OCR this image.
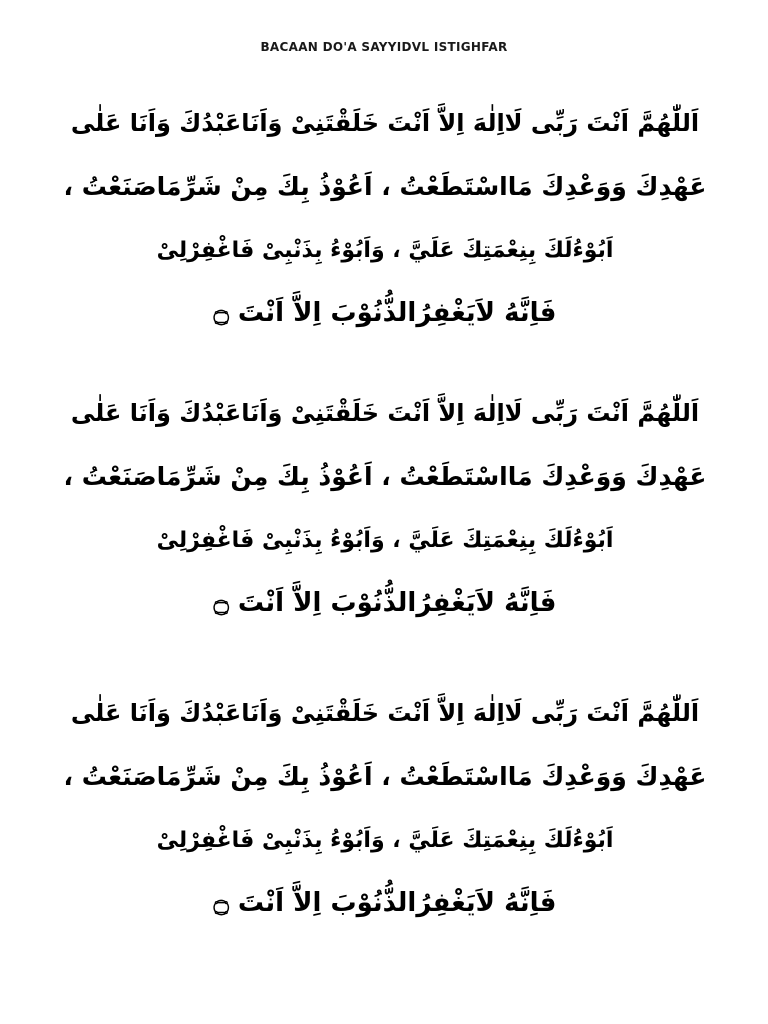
BACAAN DO'A SAYYIDVL ISTIGHFAR
اَللّٰهُمَّ اَنْتَ رَبِّى لَااِلٰهَ اِلاَّ اَنْتَ خَلَقْتَنِىْ وَاَنَاعَبْدُكَ وَاَنَا عَلٰى
عَهْدِكَ وَوَعْدِكَ مَااسْتَطَعْتُ ، اَعُوْذُ بِكَ مِنْ شَرِّمَاصَنَعْتُ ،
اَبُوْءُلَكَ بِنِعْمَتِكَ عَلَيَّ ، وَاَبُوْءُ بِذَنْبِىْ فَاغْفِرْلِىْ
فَاِنَّهُ لاَيَغْفِرُالذُّنُوْبَ اِلاَّ اَنْتَ ۝
اَللّٰهُمَّ اَنْتَ رَبِّى لَااِلٰهَ اِلاَّ اَنْتَ خَلَقْتَنِىْ وَاَنَاعَبْدُكَ وَاَنَا عَلٰى
عَهْدِكَ وَوَعْدِكَ مَااسْتَطَعْتُ ، اَعُوْذُ بِكَ مِنْ شَرِّمَاصَنَعْتُ ،
اَبُوْءُلَكَ بِنِعْمَتِكَ عَلَيَّ ، وَاَبُوْءُ بِذَنْبِىْ فَاغْفِرْلِىْ
فَاِنَّهُ لاَيَغْفِرُالذُّنُوْبَ اِلاَّ اَنْتَ ۝
اَللّٰهُمَّ اَنْتَ رَبِّى لَااِلٰهَ اِلاَّ اَنْتَ خَلَقْتَنِىْ وَاَنَاعَبْدُكَ وَاَنَا عَلٰى
عَهْدِكَ وَوَعْدِكَ مَااسْتَطَعْتُ ، اَعُوْذُ بِكَ مِنْ شَرِّمَاصَنَعْتُ ،
اَبُوْءُلَكَ بِنِعْمَتِكَ عَلَيَّ ، وَاَبُوْءُ بِذَنْبِىْ فَاغْفِرْلِىْ
فَاِنَّهُ لاَيَغْفِرُالذُّنُوْبَ اِلاَّ اَنْتَ ۝
